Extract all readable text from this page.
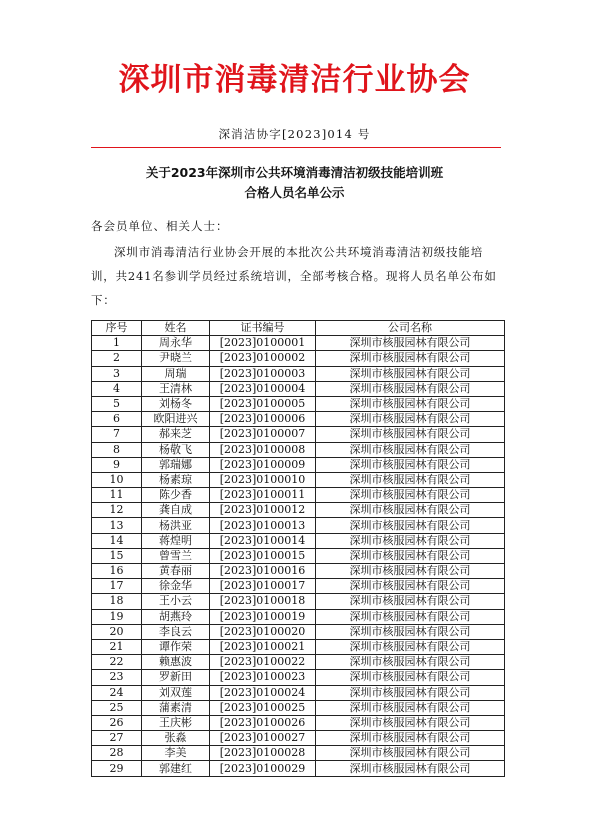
深圳市消毒清洁行业协会
深消洁协字[2023]014 号
关于2023年深圳市公共环境消毒清洁初级技能培训班
合格人员名单公示
各会员单位、相关人士：

深圳市消毒清洁行业协会开展的本批次公共环境消毒清洁初级技能培训，共241名参训学员经过系统培训，全部考核合格。现将人员名单公布如下：

序号	姓名	证书编号	公司名称
1	周永华	[2023]0100001	深圳市核服园林有限公司
2	尹晓兰	[2023]0100002	深圳市核服园林有限公司
3	周瑞	[2023]0100003	深圳市核服园林有限公司
4	王清林	[2023]0100004	深圳市核服园林有限公司
5	刘杨冬	[2023]0100005	深圳市核服园林有限公司
6	欧阳进兴	[2023]0100006	深圳市核服园林有限公司
7	郝来芝	[2023]0100007	深圳市核服园林有限公司
8	杨敬飞	[2023]0100008	深圳市核服园林有限公司
9	郭瑞娜	[2023]0100009	深圳市核服园林有限公司
10	杨素琼	[2023]0100010	深圳市核服园林有限公司
11	陈少香	[2023]0100011	深圳市核服园林有限公司
12	龚自成	[2023]0100012	深圳市核服园林有限公司
13	杨洪亚	[2023]0100013	深圳市核服园林有限公司
14	蒋煌明	[2023]0100014	深圳市核服园林有限公司
15	曾雪兰	[2023]0100015	深圳市核服园林有限公司
16	黄春丽	[2023]0100016	深圳市核服园林有限公司
17	徐金华	[2023]0100017	深圳市核服园林有限公司
18	王小云	[2023]0100018	深圳市核服园林有限公司
19	胡燕玲	[2023]0100019	深圳市核服园林有限公司
20	李良云	[2023]0100020	深圳市核服园林有限公司
21	谭作荣	[2023]0100021	深圳市核服园林有限公司
22	赖惠波	[2023]0100022	深圳市核服园林有限公司
23	罗新田	[2023]0100023	深圳市核服园林有限公司
24	刘双莲	[2023]0100024	深圳市核服园林有限公司
25	蒲素清	[2023]0100025	深圳市核服园林有限公司
26	王庆彬	[2023]0100026	深圳市核服园林有限公司
27	张淼	[2023]0100027	深圳市核服园林有限公司
28	李美	[2023]0100028	深圳市核服园林有限公司
29	郭建红	[2023]0100029	深圳市核服园林有限公司
